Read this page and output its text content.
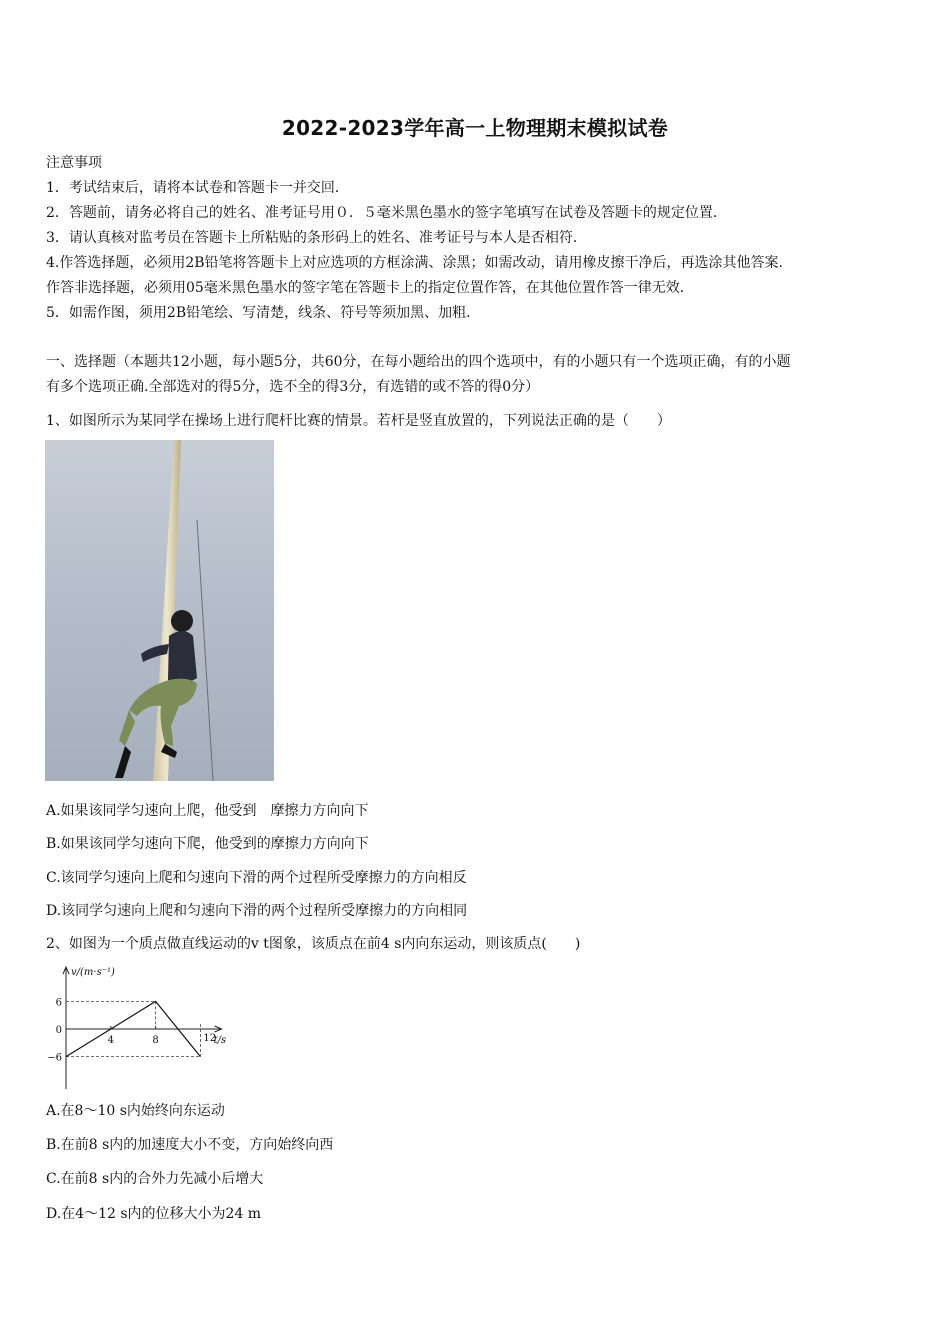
2022-2023学年高一上物理期末模拟试卷
注意事项
1．考试结束后，请将本试卷和答题卡一并交回．
2．答题前，请务必将自己的姓名、准考证号用０．５毫米黑色墨水的签字笔填写在试卷及答题卡的规定位置．
3．请认真核对监考员在答题卡上所粘贴的条形码上的姓名、准考证号与本人是否相符．
4.作答选择题，必须用2B铅笔将答题卡上对应选项的方框涂满、涂黑；如需改动，请用橡皮擦干净后，再选涂其他答案．
作答非选择题，必须用05毫米黑色墨水的签字笔在答题卡上的指定位置作答，在其他位置作答一律无效．
5．如需作图，须用2B铅笔绘、写清楚，线条、符号等须加黑、加粗．
一、选择题（本题共12小题，每小题5分，共60分，在每小题给出的四个选项中，有的小题只有一个选项正确，有的小题
有多个选项正确.全部选对的得5分，选不全的得3分，有选错的或不答的得0分）
1、如图所示为某同学在操场上进行爬杆比赛的情景。若杆是竖直放置的，下列说法正确的是（　　）
A.如果该同学匀速向上爬，他受到　摩擦力方向向下
B.如果该同学匀速向下爬，他受到的摩擦力方向向下
C.该同学匀速向上爬和匀速向下滑的两个过程所受摩擦力的方向相反
D.该同学匀速向上爬和匀速向下滑的两个过程所受摩擦力的方向相同
2、如图为一个质点做直线运动的v t图象，该质点在前4 s内向东运动，则该质点(　　)
v/(m·s⁻¹)
t/s
6
0
−6
4	8	12
A.在8～10 s内始终向东运动
B.在前8 s内的加速度大小不变，方向始终向西
C.在前8 s内的合外力先减小后增大
D.在4～12 s内的位移大小为24 m
